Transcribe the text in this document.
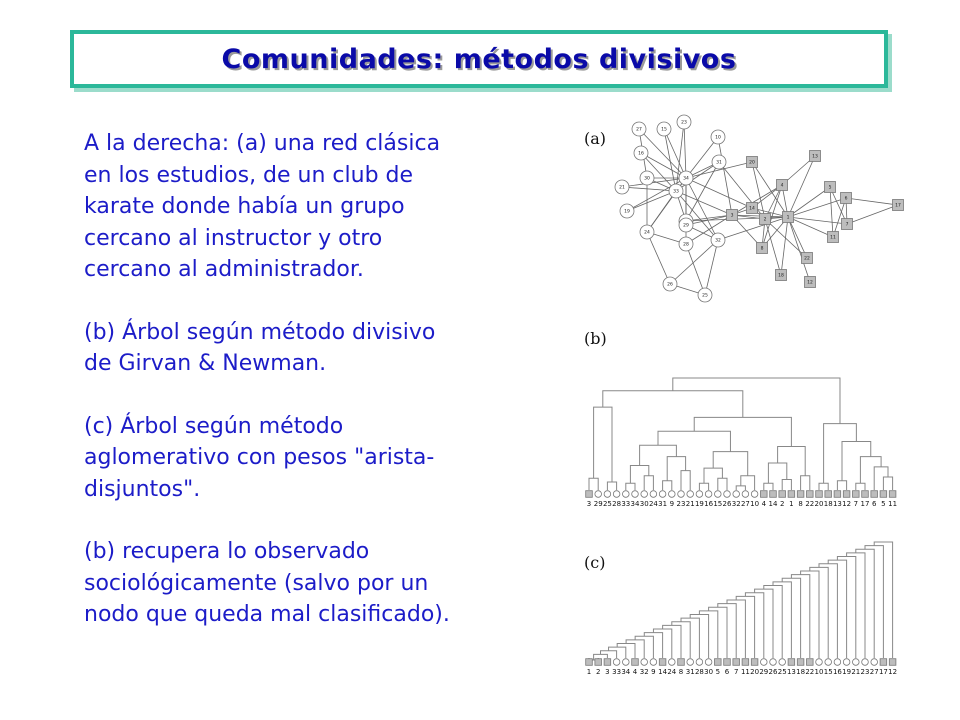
Comunidades: métodos divisivos

A la derecha: (a) una red clásica
en los estudios, de un club de
karate donde había un grupo
cercano al instructor y otro
cercano al administrador.

(b) Árbol según método divisivo
de Girvan & Newman.

(c) Árbol según método
aglomerativo con pesos "arista-
disjuntos".

(b) recupera lo observado
sociológicamente (salvo por un
nodo que queda mal clasificado).

(a)
1
2
3
4	5
6
7
8
10
11
12
13
14
15
16
17
18
19
20
21
22
23
24
25
26
27
28
29
30
31
32
33
34
(b)
3 29 25 28 33 34 30 24 31 9 23 21 19 16 15 26 32 27 10 4 14 2 1 8 22 20 18 13 12 7 17 6 5 11
(c)
1 2 3 33 34 4 32 9 14 24 8 31 28 30 5 6 7 11 20 29 26 25 13 18 22 10 15 16 19 21 23 27 17 12
